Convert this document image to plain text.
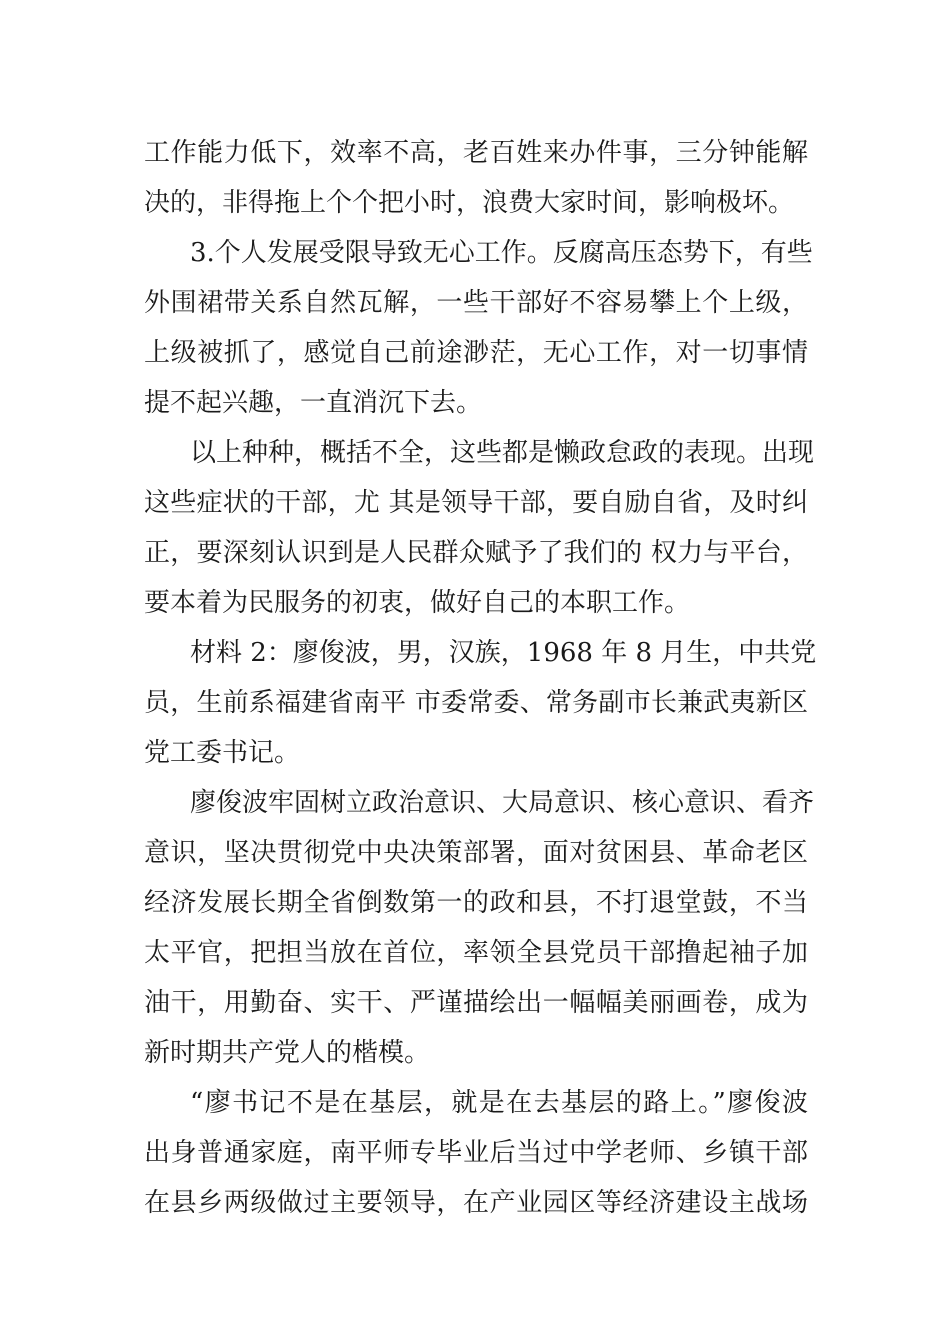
工作能力低下，效率不高，老百姓来办件事，三分钟能解
决的，非得拖上个个把小时，浪费大家时间，影响极坏。
3.个人发展受限导致无心工作。反腐高压态势下，有些
外围裙带关系自然瓦解，一些干部好不容易攀上个上级，
上级被抓了，感觉自己前途渺茫，无心工作，对一切事情
提不起兴趣，一直消沉下去。
以上种种，概括不全，这些都是懒政怠政的表现。出现
这些症状的干部，尤 其是领导干部，要自励自省，及时纠
正，要深刻认识到是人民群众赋予了我们的 权力与平台，
要本着为民服务的初衷，做好自己的本职工作。
材料 2：廖俊波，男，汉族，1968 年 8 月生，中共党
员，生前系福建省南平 市委常委、常务副市长兼武夷新区
党工委书记。
廖俊波牢固树立政治意识、大局意识、核心意识、看齐
意识，坚决贯彻党中央决策部署，面对贫困县、革命老区
经济发展长期全省倒数第一的政和县，不打退堂鼓，不当
太平官，把担当放在首位，率领全县党员干部撸起袖子加
油干，用勤奋、实干、严谨描绘出一幅幅美丽画卷，成为
新时期共产党人的楷模。
“廖书记不是在基层，就是在去基层的路上。”廖俊波
出身普通家庭，南平师专毕业后当过中学老师、乡镇干部
在县乡两级做过主要领导，在产业园区等经济建设主战场
